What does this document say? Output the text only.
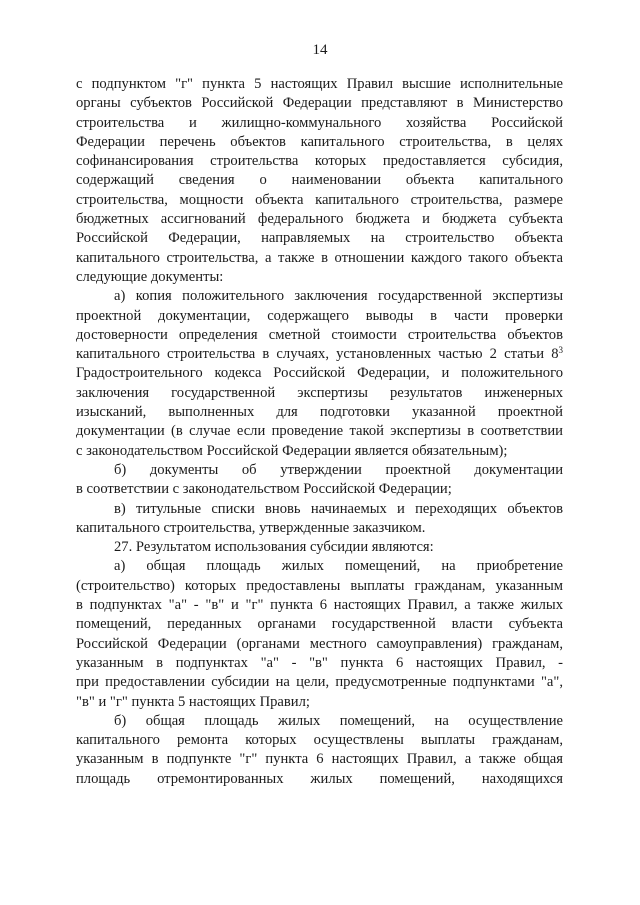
14

с подпунктом "г" пункта 5 настоящих Правил высшие исполнительные

органы субъектов Российской Федерации представляют в Министерство

строительства и жилищно-коммунального хозяйства Российской

Федерации перечень объектов капитального строительства, в целях

софинансирования строительства которых предоставляется субсидия,

содержащий сведения о наименовании объекта капитального

строительства, мощности объекта капитального строительства, размере

бюджетных ассигнований федерального бюджета и бюджета субъекта

Российской Федерации, направляемых на строительство объекта

капитального строительства, а также в отношении каждого такого объекта

следующие документы:

а) копия положительного заключения государственной экспертизы

проектной документации, содержащего выводы в части проверки

достоверности определения сметной стоимости строительства объектов

капитального строительства в случаях, установленных частью 2 статьи $8^3$

Градостроительного кодекса Российской Федерации, и положительного

заключения государственной экспертизы результатов инженерных

изысканий, выполненных для подготовки указанной проектной

документации (в случае если проведение такой экспертизы в соответствии

с законодательством Российской Федерации является обязательным);

б) документы об утверждении проектной документации

в соответствии с законодательством Российской Федерации;

в) титульные списки вновь начинаемых и переходящих объектов

капитального строительства, утвержденные заказчиком.

27. Результатом использования субсидии являются:

а) общая площадь жилых помещений, на приобретение

(строительство) которых предоставлены выплаты гражданам, указанным

в подпунктах "а" - "в" и "г" пункта 6 настоящих Правил, а также жилых

помещений, переданных органами государственной власти субъекта

Российской Федерации (органами местного самоуправления) гражданам,

указанным в подпунктах "а" - "в" пункта 6 настоящих Правил, -

при предоставлении субсидии на цели, предусмотренные подпунктами "а",

"в" и "г" пункта 5 настоящих Правил;

б) общая площадь жилых помещений, на осуществление

капитального ремонта которых осуществлены выплаты гражданам,

указанным в подпункте "г" пункта 6 настоящих Правил, а также общая

площадь отремонтированных жилых помещений, находящихся
